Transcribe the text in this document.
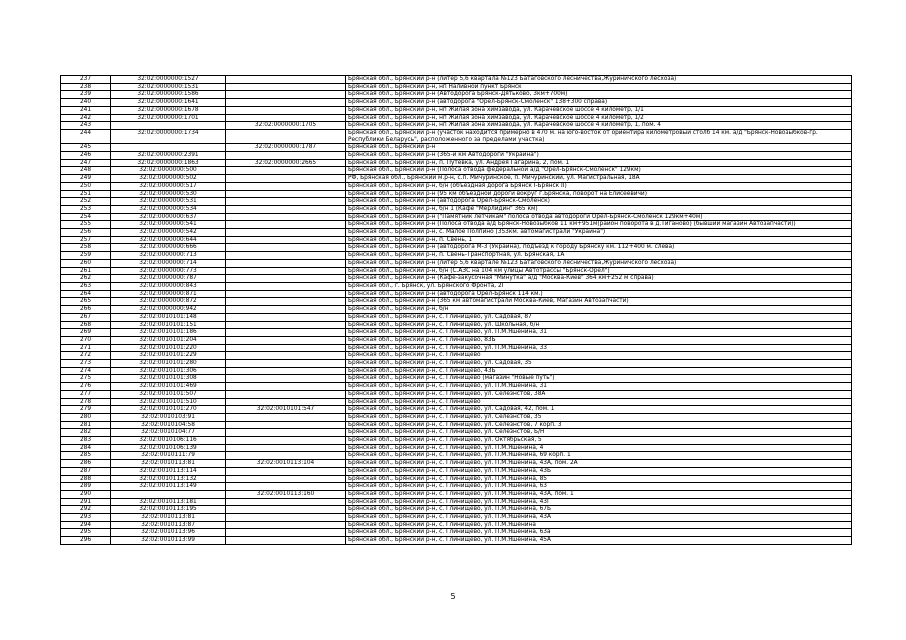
237	32:02:0000000:1527		Брянская обл., Брянский р-н (литер 5,6 квартала №123 Батаговского лесничества,Журиничского лесхоза)
238	32:02:0000000:1531		Брянская обл., Брянский р-н, нп Наливной пункт Брянск
239	32:02:0000000:1586		Брянская обл., Брянский р-н (Автодорога Брянск-Дятьково, 3км+700м)
240	32:02:0000000:1641		Брянская обл., Брянский р-н (автодорога "Орел-Брянск-Смоленск" 138+300 справа)
241	32:02:0000000:1678		Брянская обл., Брянский р-н, нп Жилая зона химзавода, ул. Карачевское шоссе 4 километр, 1/1
242	32:02:0000000:1701		Брянская обл., Брянский р-н, нп Жилая зона химзавода, ул. Карачевское шоссе 4 километр, 1/2
243		32:02:0000000:1705	Брянская обл., Брянский р-н, нп Жилая зона химзавода, ул. Карачевское шоссе 4 километр, 1, пом. 4
244	32:02:0000000:1734		Брянская обл., Брянский р-н (участок находится примерно в 470 м. на юго-восток от ориентира километровый столб 14 км. а/д "Брянск-Новозыбков-гр. Республики Беларусь", расположенного за пределами участка)
245		32:02:0000000:1787	Брянская обл., Брянский р-н
246	32:02:0000000:2391		Брянская обл., Брянский р-н (365-й км Автодороги "Украина")
247	32:02:0000000:1863	32:02:0000000:2665	Брянская обл., Брянский р-н, п. Путевка, ул. Андрея Гагарина, 2, пом. 1
248	32:02:0000000:500		Брянская обл., Брянский р-н (Полоса отвода федеральной а/д "Орел-Брянск-Смоленск" 129км)
249	32:02:0000000:502		РФ, Брянская обл., Брянский м.р-н, с.п. Мичуринское, п. Мичуринский, ул. Магистральная, 18А
250	32:02:0000000:517		Брянская обл., Брянский р-н, б/н (объездная дорога Брянск І-Брянск ІІ)
251	32:02:0000000:530		Брянская обл., Брянский р-н (95 км объездной дороги вокруг г.Брянска, поворот на Елисеевичи)
252	32:02:0000000:531		Брянская обл., Брянский р-н (автодорога Орел-Брянск-Смоленск)
253	32:02:0000000:534		Брянская обл., Брянский р-н, б/н 1 (Кафе "Мерлидин" 365 км)
254	32:02:0000000:637		Брянская обл., Брянский р-н ("Памятник летчикам" полоса отвода автодороги Орел-Брянск-Смоленск 129км+40м)
255	32:02:0000000:541		Брянская обл., Брянский р-н (Полоса отвода а/д Брянск-Новозыбков 11 км+951м(район поворота в д.Тиганово) (бывший магазин Автозапчасти))
256	32:02:0000000:542		Брянская обл., Брянский р-н, с. Малое Полпино (353км. автомагистрали "Украина")
257	32:02:0000000:644		Брянская обл., Брянский р-н, п. Свень, 1
258	32:02:0000000:666		Брянская обл., Брянский р-н (автодорога М-3 (Украина), подъезд к городу Брянску км. 112+400 м. слева)
259	32:02:0000000:713		Брянская обл., Брянский р-н, п. Свень-Транспортная, ул. Брянская, 1А
260	32:02:0000000:714		Брянская обл., Брянский р-н (литер 5,6 квартале №123 Батаговского лесничества,Журиничского лесхоза)
261	32:02:0000000:773		Брянская обл., Брянский р-н, б/н (С.АЗС на 104 км улицы Автотрассы "Брянск-Орел")
262	32:02:0000000:787		Брянская обл., Брянский р-н (Кафе-закусочная "Минутка" а/д "Москва-Киев" 364 км+252 м справа)
263	32:02:0000000:843		Брянская обл., г. Брянск, ул. Брянского Фронта, 2Г
264	32:02:0000000:871		Брянская обл., Брянский р-н (автодорога Орел-Брянск 114 км.)
265	32:02:0000000:872		Брянская обл., Брянский р-н (365 км автомагистрали Москва-Киев, Магазин Автозапчасти)
266	32:02:0000000:942		Брянская обл., Брянский р-н, б/н
267	32:02:0010101:148		Брянская обл., Брянский р-н, с. Глинищево, ул. Садовая, 87
268	32:02:0010101:151		Брянская обл., Брянский р-н, с. Глинищево, ул. Школьная, б/н
269	32:02:0010101:186		Брянская обл., Брянский р-н, с. Глинищево, ул. П.М.Яшенина, 31
270	32:02:0010101:204		Брянская обл., Брянский р-н, с. Глинищево, 83Б
271	32:02:0010101:220		Брянская обл., Брянский р-н, с. Глинищево, ул. П.М.Яшенина, 33
272	32:02:0010101:229		Брянская обл., Брянский р-н, с. Глинищево
273	32:02:0010101:280		Брянская обл., Брянский р-н, с. Глинищево, ул. Садовая, 35
274	32:02:0010101:306		Брянская обл., Брянский р-н, с. Глинищево, 43Б
275	32:02:0010101:308		Брянская обл., Брянский р-н, с. Глинищево (магазин "Новые путь")
276	32:02:0010101:469		Брянская обл., Брянский р-н, с. Глинищево, ул. П.М.Яшенина, 31
277	32:02:0010101:507		Брянская обл., Брянский р-н, с. Глинищево, ул. Селезнстов, 38А
278	32:02:0010101:510		Брянская обл., Брянский р-н, с. Глинищево
279	32:02:0010101:270	32:02:0010101:547	Брянская обл., Брянский р-н, с. Глинищево, ул. Садовая, 42, пом. 1
280	32:02:0010103:91		Брянская обл., Брянский р-н, с. Глинищево, ул. Селезнстов, 35
281	32:02:0010104:58		Брянская обл., Брянский р-н, с. Глинищево, ул. Селезнстов, 7 корп. 3
282	32:02:0010104:77		Брянская обл., Брянский р-н, с. Глинищево, ул. Селезнстов, Б/Н
283	32:02:0010106:116		Брянская обл., Брянский р-н, с. Глинищево, ул. Октябрьская, 5
284	32:02:0010106:139		Брянская обл., Брянский р-н, с. Глинищево, ул. П.М.Яшенина, 4
285	32:02:0010111:79		Брянская обл., Брянский р-н, с. Глинищево, ул. П.М.Яшенина, 69 корп. 1
286	32:02:0010113:81	32:02:0010113:104	Брянская обл., Брянский р-н, с. Глинищево, ул. П.М.Яшенина, 43А, пом. 2А
287	32:02:0010113:114		Брянская обл., Брянский р-н, с. Глинищево, ул. П.М.Яшенина, 43Б
288	32:02:0010113:132		Брянская обл., Брянский р-н, с. Глинищево, ул. П.М.Яшенина, 85
289	32:02:0010113:149		Брянская обл., Брянский р-н, с. Глинищево, ул. П.М.Яшенина, 63
290		32:02:0010113:160	Брянская обл., Брянский р-н, с. Глинищево, ул. П.М.Яшенина, 43А, пом. 1
291	32:02:0010113:181		Брянская обл., Брянский р-н, с. Глинищево, ул. П.М.Яшенина, 43Г
292	32:02:0010113:195		Брянская обл., Брянский р-н, с. Глинищево, ул. П.М.Яшенина, 67Б
293	32:02:0010113:81		Брянская обл., Брянский р-н, с. Глинищево, ул. П.М.Яшенина, 43А
294	32:02:0010113:87		Брянская обл., Брянский р-н, с. Глинищево, ул. П.М.Яшенина
295	32:02:0010113:96		Брянская обл., Брянский р-н, с. Глинищево, ул. П.М.Яшенина, 63а
296	32:02:0010113:99		Брянская обл., Брянский р-н, с. Глинищево, ул. П.М.Яшенина, 45А
5
